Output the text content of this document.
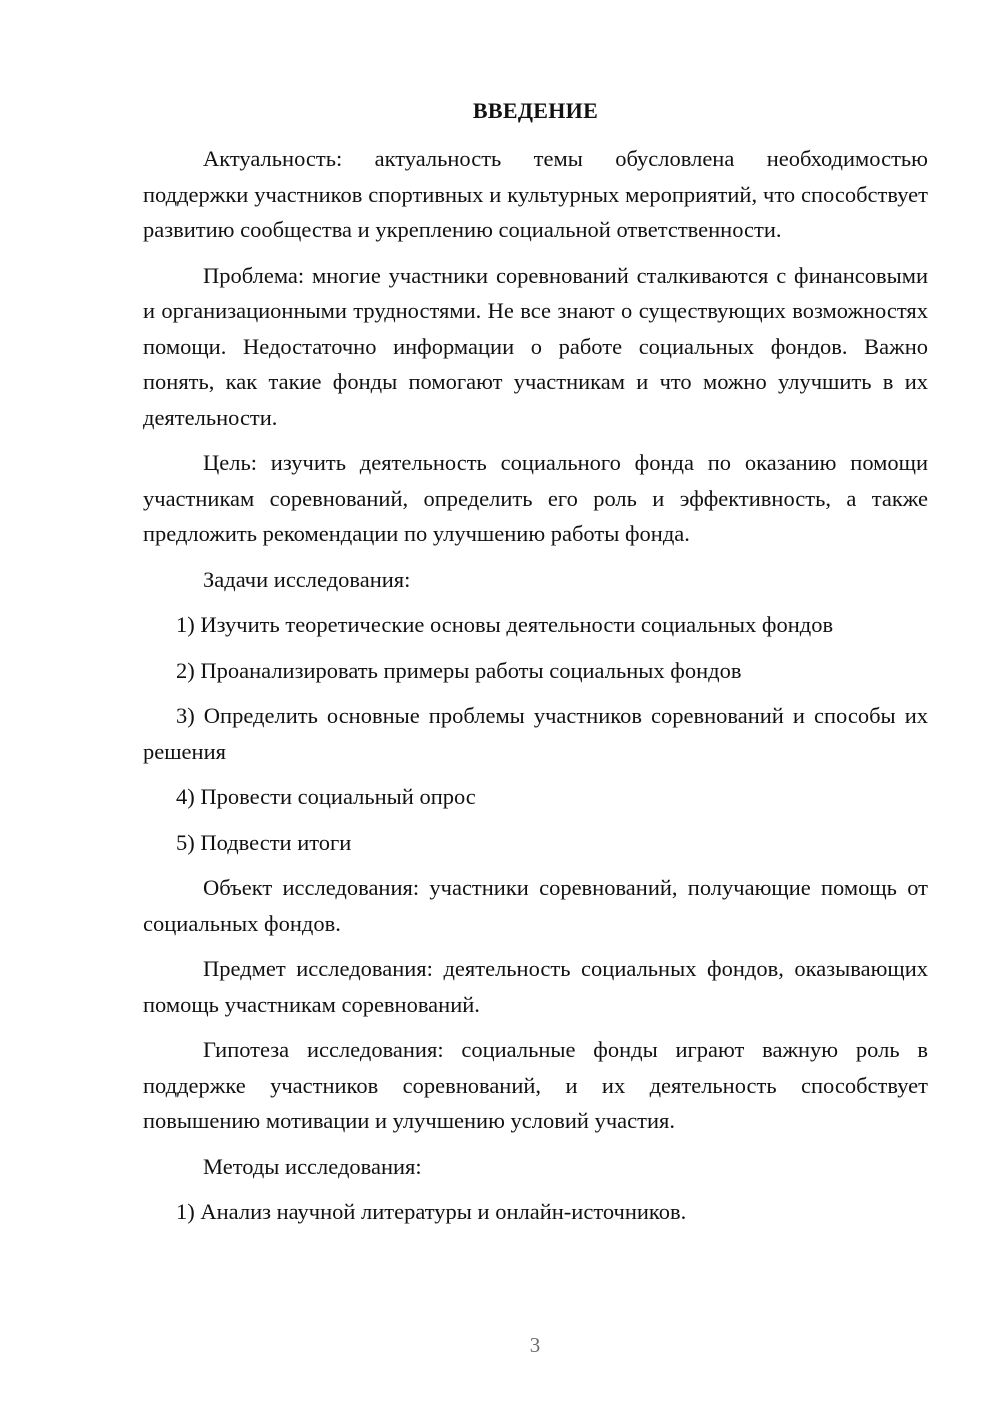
ВВЕДЕНИЕ

Актуальность: актуальность темы обусловлена необходимостью поддержки участников спортивных и культурных мероприятий, что способствует развитию сообщества и укреплению социальной ответственности.

Проблема: многие участники соревнований сталкиваются с финансовыми и организационными трудностями. Не все знают о существующих возможностях помощи. Недостаточно информации о работе социальных фондов. Важно понять, как такие фонды помогают участникам и что можно улучшить в их деятельности.

Цель: изучить деятельность социального фонда по оказанию помощи участникам соревнований, определить его роль и эффективность, а также предложить рекомендации по улучшению работы фонда.

Задачи исследования:

1) Изучить теоретические основы деятельности социальных фондов

2) Проанализировать примеры работы социальных фондов

3) Определить основные проблемы участников соревнований и способы их решения

4) Провести социальный опрос

5) Подвести итоги

Объект исследования: участники соревнований, получающие помощь от социальных фондов.

Предмет исследования: деятельность социальных фондов, оказывающих помощь участникам соревнований.

Гипотеза исследования: социальные фонды играют важную роль в поддержке участников соревнований, и их деятельность способствует повышению мотивации и улучшению условий участия.

Методы исследования:

1) Анализ научной литературы и онлайн-источников.

3
